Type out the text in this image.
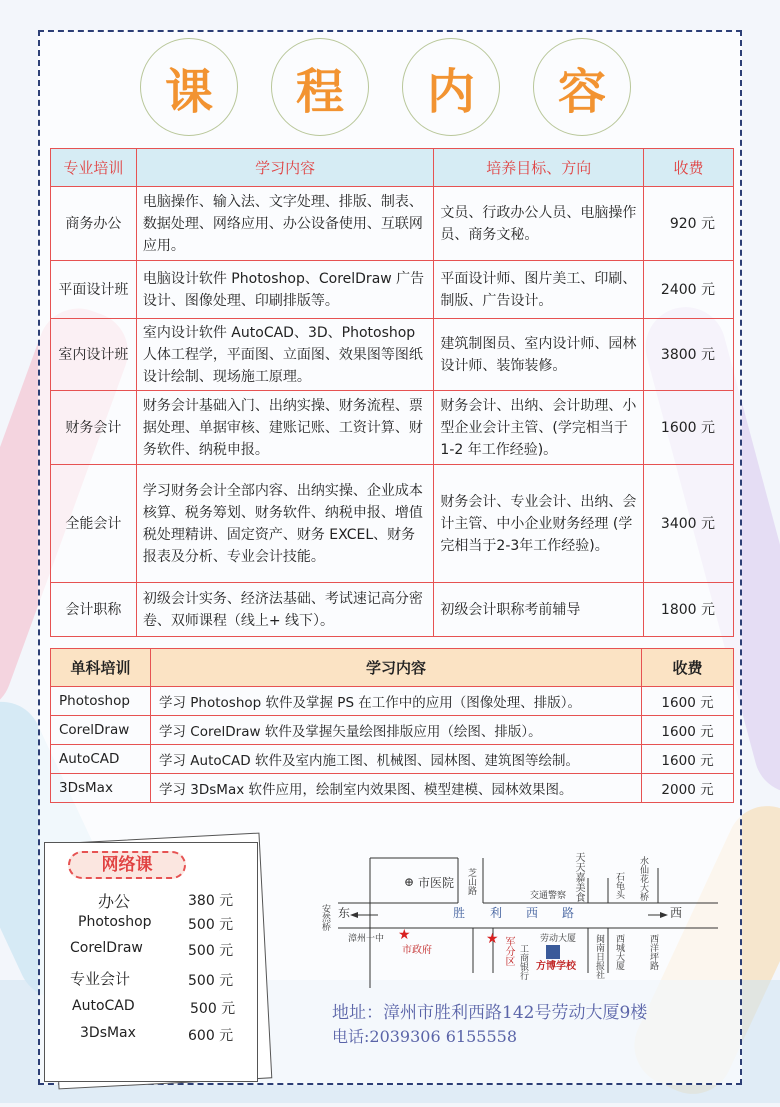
课	程	内	容
专业培训	学习内容	培养目标、方向	收费
商务办公	电脑操作、输入法、文字处理、排版、制表、数据处理、网络应用、办公设备使用、互联网应用。	文员、行政办公人员、电脑操作员、商务文秘。	920 元
平面设计班	电脑设计软件 Photoshop、CorelDraw 广告设计、图像处理、印刷排版等。	平面设计师、图片美工、印刷、制版、广告设计。	2400 元
室内设计班	室内设计软件 AutoCAD、3D、Photoshop 人体工程学，平面图、立面图、效果图等图纸设计绘制、现场施工原理。	建筑制图员、室内设计师、园林设计师、装饰装修。	3800 元
财务会计	财务会计基础入门、出纳实操、财务流程、票据处理、单据审核、建账记账、工资计算、财务软件、纳税申报。	财务会计、出纳、会计助理、小型企业会计主管、(学完相当于1-2 年工作经验)。	1600 元
全能会计	学习财务会计全部内容、出纳实操、企业成本核算、税务筹划、财务软件、纳税申报、增值税处理精讲、固定资产、财务 EXCEL、财务报表及分析、专业会计技能。	财务会计、专业会计、出纳、会计主管、中小企业财务经理 (学完相当于2-3年工作经验)。	3400 元
会计职称	初级会计实务、经济法基础、考试速记高分密卷、双师课程（线上+ 线下）。	初级会计职称考前辅导	1800 元
单科培训	学习内容	收费
Photoshop	学习 Photoshop 软件及掌握 PS 在工作中的应用（图像处理、排版）。	1600 元
CorelDraw	学习 CorelDraw 软件及掌握矢量绘图排版应用（绘图、排版）。	1600 元
AutoCAD	学习 AutoCAD 软件及室内施工图、机械图、园林图、建筑图等绘制。	1600 元
3DsMax	学习 3DsMax 软件应用，绘制室内效果图、模型建模、园林效果图。	2000 元
网络课
办公	380 元
Photoshop	500 元
CorelDraw	500 元
专业会计	500 元
AutoCAD	500 元
3DsMax	600 元
市医院
⊕	芝山路	天天嘉美食
交通警察	石龟头 水仙花大桥
安然桥 东	西
胜 利 西 路
漳州一中 ★
市政府
★ 军分区 工商银行
劳动大厦
方博学校 闽南日报社 西城大厦	西洋坪路
地址：漳州市胜利西路142号劳动大厦9楼
电话:2039306 6155558
